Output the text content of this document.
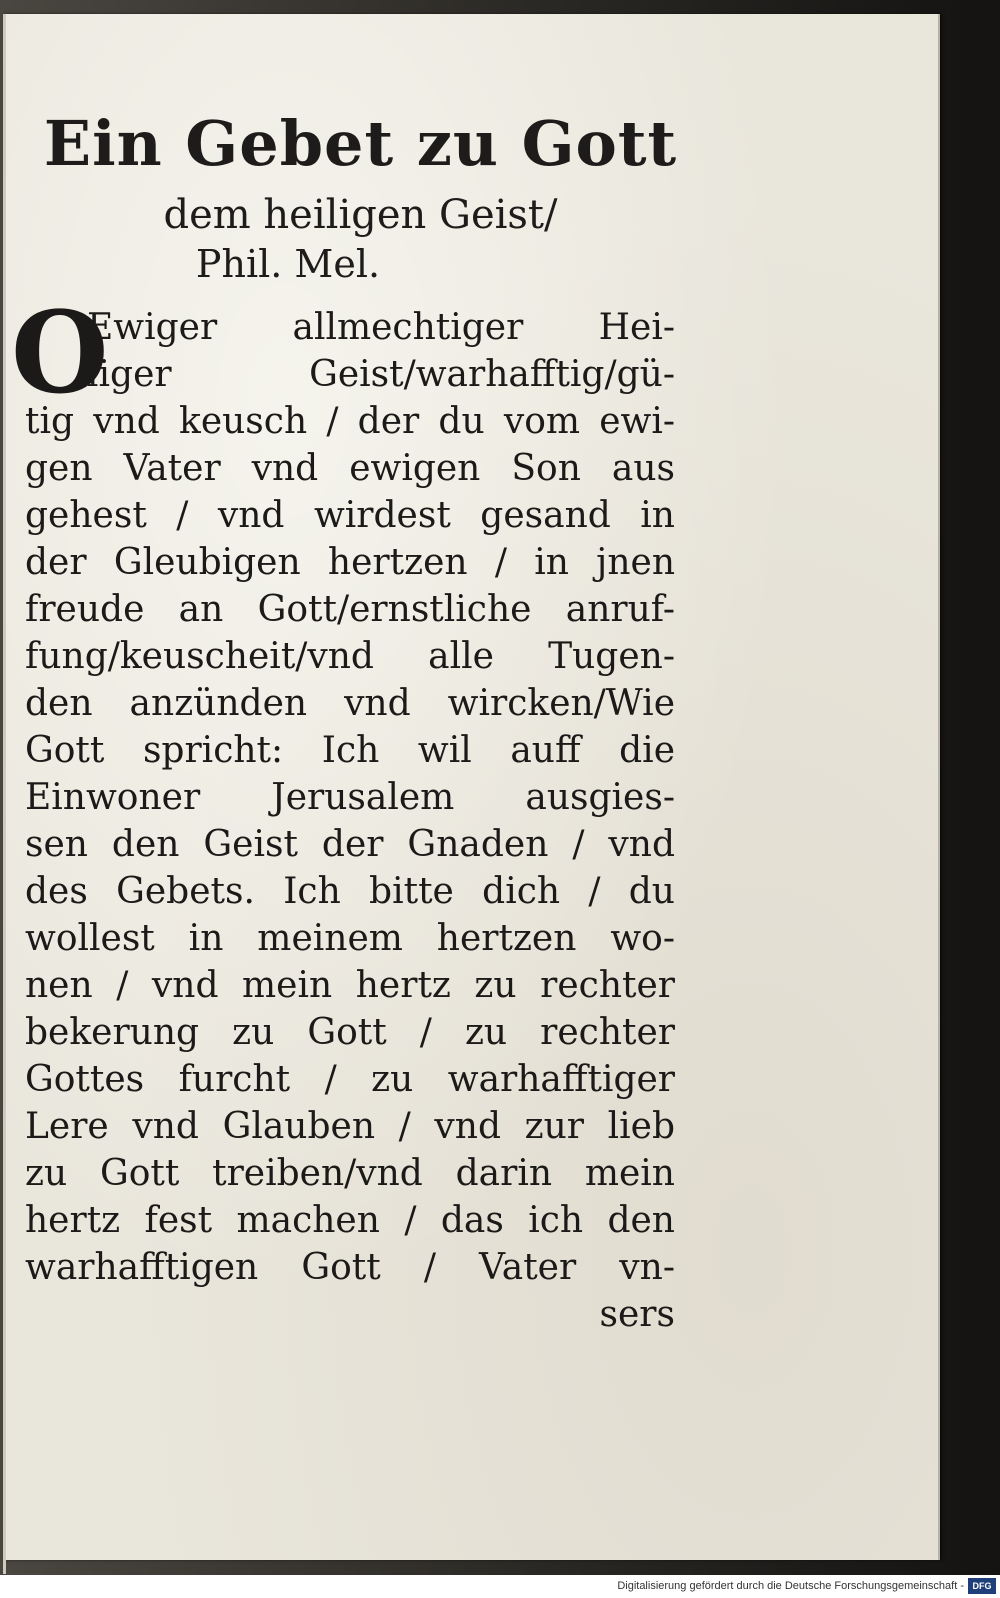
Ein Gebet zu Gott
dem heiligen Geist/
Phil. Mel.
O
Ewiger allmechtiger Hei-
liger Geist/warhafftig/gü-
tig vnd keusch / der du vom ewi-
gen Vater vnd ewigen Son aus
gehest / vnd wirdest gesand in
der Gleubigen hertzen / in jnen
freude an Gott/ernstliche anruf-
fung/keuscheit/vnd alle Tugen-
den anzünden vnd wircken/Wie
Gott spricht: Ich wil auff die
Einwoner Jerusalem ausgies-
sen den Geist der Gnaden / vnd
des Gebets. Ich bitte dich / du
wollest in meinem hertzen wo-
nen / vnd mein hertz zu rechter
bekerung zu Gott / zu rechter
Gottes furcht / zu warhafftiger
Lere vnd Glauben / vnd zur lieb
zu Gott treiben/vnd darin mein
hertz fest machen / das ich den
warhafftigen Gott / Vater vn-
sers
Digitalisierung gefördert durch die Deutsche Forschungsgemeinschaft - DFG
